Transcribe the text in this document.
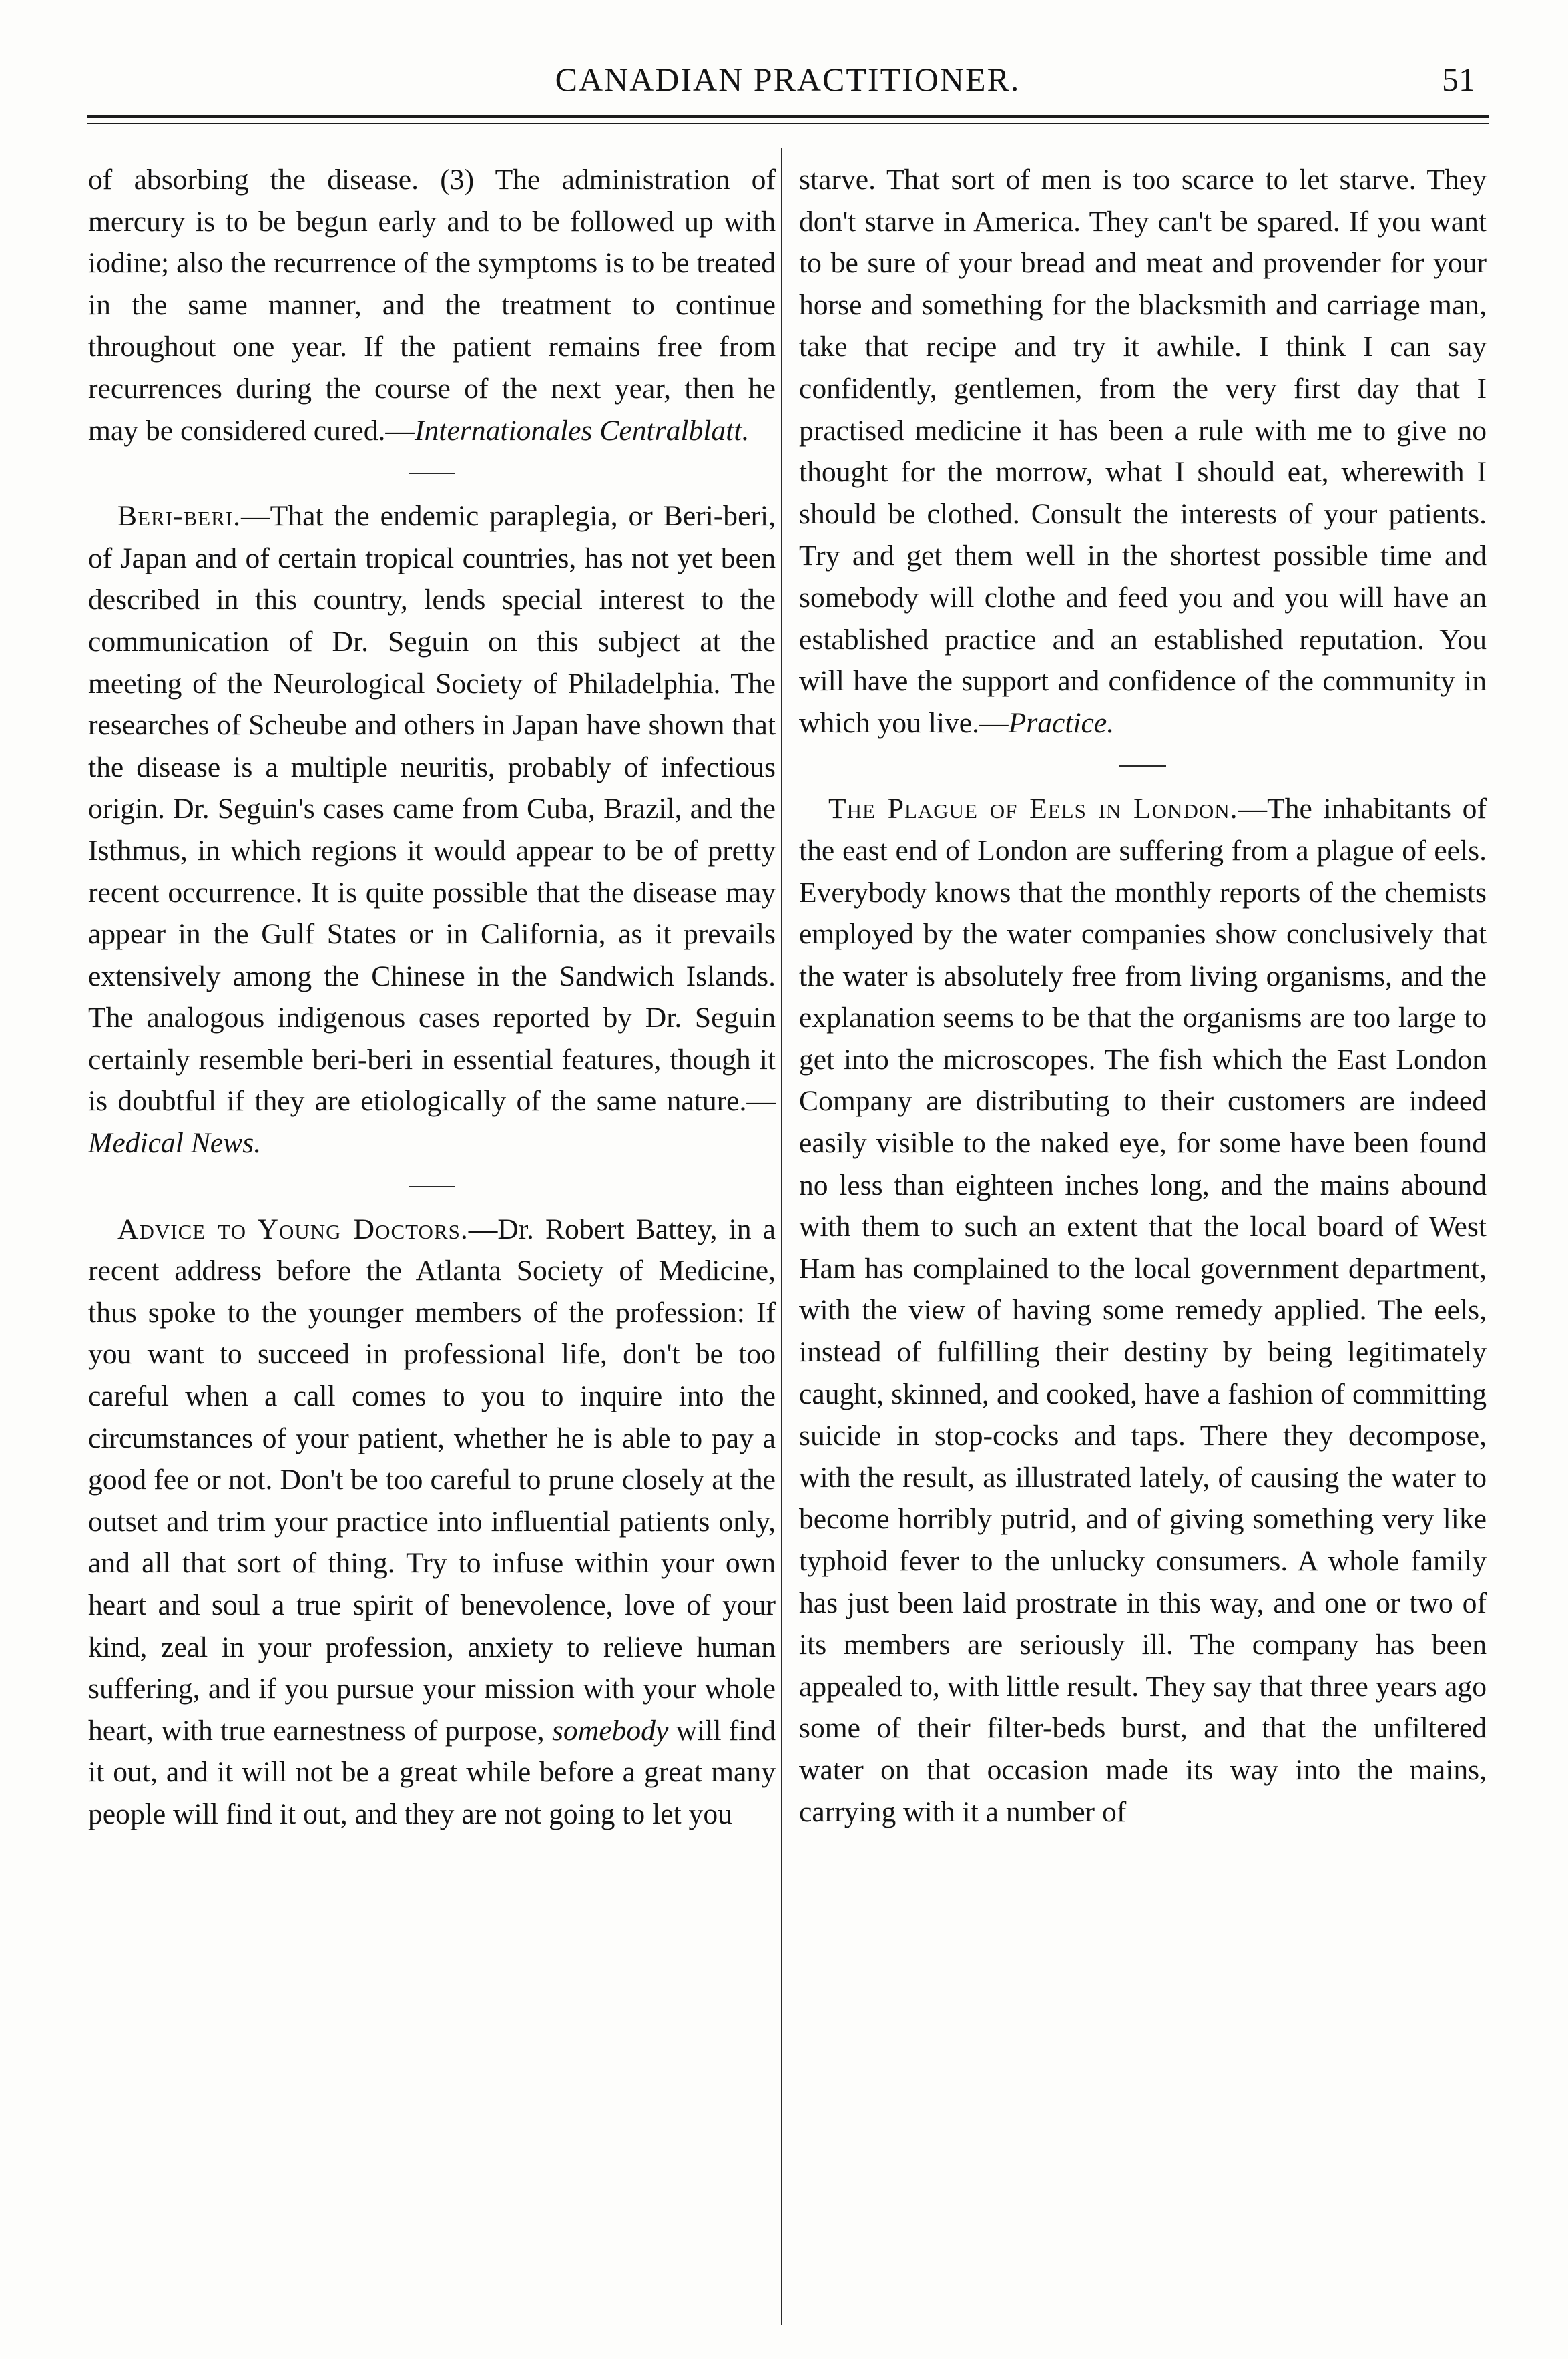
CANADIAN PRACTITIONER.	51

of absorbing the disease. (3) The administration of mercury is to be begun early and to be followed up with iodine; also the recurrence of the symptoms is to be treated in the same manner, and the treatment to continue throughout one year. If the patient remains free from recurrences during the course of the next year, then he may be considered cured.—Internationales Centralblatt.

Beri-beri.—That the endemic paraplegia, or Beri-beri, of Japan and of certain tropical countries, has not yet been described in this country, lends special interest to the communication of Dr. Seguin on this subject at the meeting of the Neurological Society of Philadelphia. The researches of Scheube and others in Japan have shown that the disease is a multiple neuritis, probably of infectious origin. Dr. Seguin's cases came from Cuba, Brazil, and the Isthmus, in which regions it would appear to be of pretty recent occurrence. It is quite possible that the disease may appear in the Gulf States or in California, as it prevails extensively among the Chinese in the Sandwich Islands. The analogous indigenous cases reported by Dr. Seguin certainly resemble beri-beri in essential features, though it is doubtful if they are etiologically of the same nature.—Medical News.

Advice to Young Doctors.—Dr. Robert Battey, in a recent address before the Atlanta Society of Medicine, thus spoke to the younger members of the profession: If you want to succeed in professional life, don't be too careful when a call comes to you to inquire into the circumstances of your patient, whether he is able to pay a good fee or not. Don't be too careful to prune closely at the outset and trim your practice into influential patients only, and all that sort of thing. Try to infuse within your own heart and soul a true spirit of benevolence, love of your kind, zeal in your profession, anxiety to relieve human suffering, and if you pursue your mission with your whole heart, with true earnestness of purpose, somebody will find it out, and it will not be a great while before a great many people will find it out, and they are not going to let you

starve. That sort of men is too scarce to let starve. They don't starve in America. They can't be spared. If you want to be sure of your bread and meat and provender for your horse and something for the blacksmith and carriage man, take that recipe and try it awhile. I think I can say confidently, gentlemen, from the very first day that I practised medicine it has been a rule with me to give no thought for the morrow, what I should eat, wherewith I should be clothed. Consult the interests of your patients. Try and get them well in the shortest possible time and somebody will clothe and feed you and you will have an established practice and an established reputation. You will have the support and confidence of the community in which you live.—Practice.

The Plague of Eels in London.—The inhabitants of the east end of London are suffering from a plague of eels. Everybody knows that the monthly reports of the chemists employed by the water companies show conclusively that the water is absolutely free from living organisms, and the explanation seems to be that the organisms are too large to get into the microscopes. The fish which the East London Company are distributing to their customers are indeed easily visible to the naked eye, for some have been found no less than eighteen inches long, and the mains abound with them to such an extent that the local board of West Ham has complained to the local government department, with the view of having some remedy applied. The eels, instead of fulfilling their destiny by being legitimately caught, skinned, and cooked, have a fashion of committing suicide in stop-cocks and taps. There they decompose, with the result, as illustrated lately, of causing the water to become horribly putrid, and of giving something very like typhoid fever to the unlucky consumers. A whole family has just been laid prostrate in this way, and one or two of its members are seriously ill. The company has been appealed to, with little result. They say that three years ago some of their filter-beds burst, and that the unfiltered water on that occasion made its way into the mains, carrying with it a number of
